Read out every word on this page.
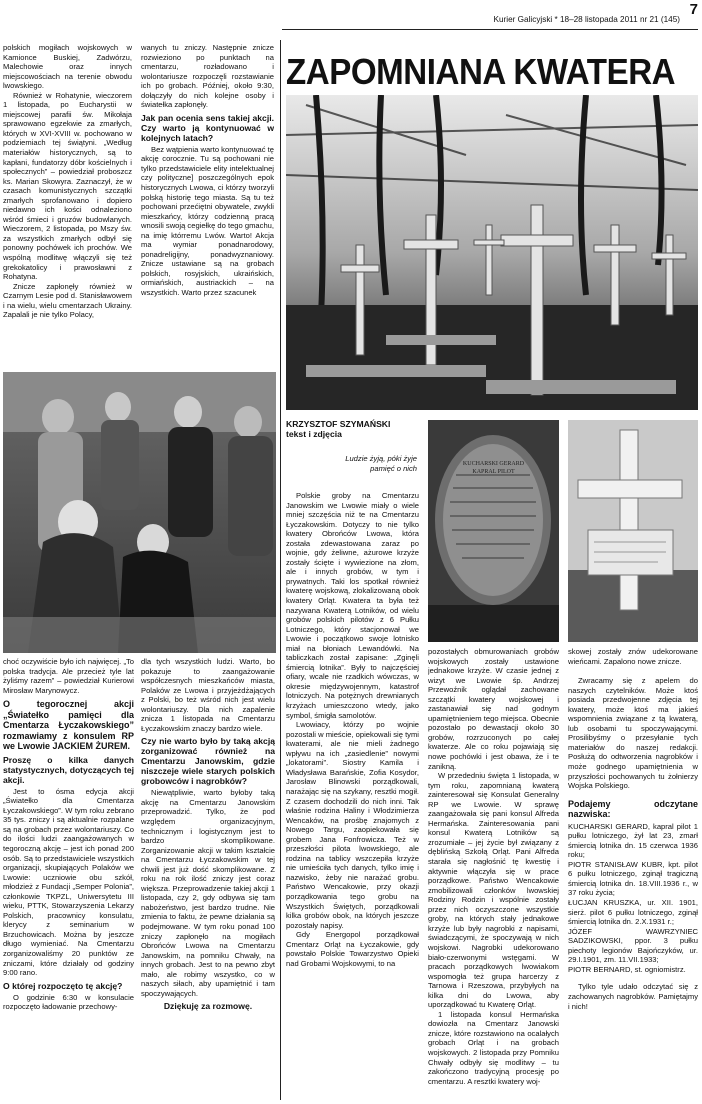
Kurier Galicyjski * 18–28 listopada 2011 nr 21 (145)
7

polskich mogiłach wojskowych w Kamionce Buskiej, Zadwórzu, Malechowie oraz innych miejscowościach na terenie obwodu lwowskiego.

Również w Rohatynie, wieczorem 1 listopada, po Eucharystii w miejscowej parafii św. Mikołaja sprawowano egzekwie za zmarłych, których w XVI-XVIII w. pochowano w podziemiach tej świątyni. „Według materiałów historycznych, są to kapłani, fundatorzy dóbr kościelnych i społecznych” – powiedział proboszcz ks. Marian Skowyra. Zaznaczył, że w czasach komunistycznych szczątki zmarłych sprofanowano i dopiero niedawno ich kości odnaleziono wśród śmieci i gruzów budowlanych. Wieczorem, 2 listopada, po Mszy św. za wszystkich zmarłych odbył się ponowny pochówek ich prochów. We wspólną modlitwę włączyli się też grekokatolicy i prawosławni z Rohatyna.

Znicze zapłonęły również w Czarnym Lesie pod d. Stanisławowem i na wielu, wielu cmentarzach Ukrainy. Zapalali je nie tylko Polacy,

wanych tu zniczy. Następnie znicze rozwieziono po punktach na cmentarzu, rozładowano i wolontariusze rozpoczęli rozstawianie ich po grobach. Później, około 9:30, dołączyły do nich kolejne osoby i światełka zapłonęły.

Jak pan ocenia sens takiej akcji. Czy warto ją kontynuować w kolejnych latach?

Bez wątpienia warto kontynuować tę akcję corocznie. Tu są pochowani nie tylko przedstawiciele elity intelektualnej czy polityczne] poszczególnych epok historycznych Lwowa, ci którzy tworzyli polską historię tego miasta. Są tu też pochowani przećiętni obywatele, zwykli mieszkańcy, którzy codzienną pracą wnosili swoją cegiełkę do tego gmachu, na imię którremu Lwów. Warto! Akcja ma wymiar ponadnarodowy, ponadreligijny, ponadwyznaniowy. Znicze ustawiane są na grobach polskich, rosyjskich, ukraińskich, ormiańskich, austriackich – na wszystkich. Warto przez szacunek

choć oczywiście było ich najwięcej. „To polska tradycja. Ale przecież tyle lat żyliśmy razem” – powiedział Kurierowi Mirosław Marynowycz.

O tegorocznej akcji „Światełko pamięci dla Cmentarza Łyczakowskiego” rozmawiamy z konsulem RP we Lwowie JACKIEM ŻUREM.

Proszę o kilka danych statystycznych, dotyczących tej akcji.

Jest to ósma edycja akcji „Światełko dla Cmentarza Łyczakowskiego”. W tym roku zebrano 35 tys. zniczy i są aktualnie rozpalane są na grobach przez wolontariuszy. Co do ilości ludzi zaangażowanych w tegoroczną akcję – jest ich ponad 200 osób. Są to przedstawiciele wszystkich organizacji, skupiających Polaków we Lwowie: uczniowie obu szkół, młodzież z Fundacji „Semper Polonia”, członkowie TKPZL, Uniwersytetu III wieku, PTTK, Stowarzyszenia Lekarzy Polskich, pracownicy konsulatu, klerycy z seminarium w Brzuchowicach. Można by jeszcze długo wymieniać. Na Cmentarzu zorganizowaliśmy 20 punktów ze zniczami, które działały od godziny 9:00 rano.

O której rozpoczęto tę akcję?

O godzinie 6:30 w konsulacie rozpoczęto ładowanie przechowy-

dla tych wszystkich ludzi. Warto, bo pokazuje to zaangażowanie współczesnych mieszkańców miasta, Polaków ze Lwowa i przyjeżdżających z Polski, bo też wśród nich jest wielu wolontariuszy. Dla nich zapalenie zniczа 1 listopada na Cmentarzu Łyczakowskim znaczy bardzo wiele.

Czy nie warto było by taką akcją zorganizować również na Cmentarzu Janowskim, gdzie niszczeje wiele starych polskich grobowców i nagrobków?

Niewątpliwie, warto byłoby taką akcję na Cmentarzu Janowskim przeprowadzić. Tylko, że pod względem organizacyjnym, technicznym i logistycznym jest to bardzo skomplikowane. Zorganizowanie akcji w takim kształcie na Cmentarzu Łyczakowskim w tej chwili jest już dość skomplikowane. Z roku na rok ilość zniczy jest coraz większa. Przeprowadzenie takiej akcji 1 listopada, czy 2, gdy odbywa się tam nabożeństwo, jest bardzo trudne. Nie zmienia to faktu, że pewne działania są podejmowane. W tym roku ponad 100 zniczy zapłonęło na mogiłach Obrońców Lwowa na Cmentarzu Janowskim, na pomniku Chwały, na innych grobach. Jest to na pewno zbyt mało, ale robimy wszystko, co w naszych siłach, aby upamiętnić i tam spoczywających.

Dziękuję za rozmowę.

ZAPOMNIANA KWATERA
KRZYSZTOF SZYMAŃSKI
tekst i zdjęcia
Ludzie żyją, póki żyje
pamięć o nich

Polskie groby na Cmentarzu Janowskim we Lwowie miały o wiele mniej szczęścia niż te na Cmentarzu Łyczakowskim. Dotyczy to nie tylko kwatery Obrońców Lwowa, która została zdewastowana zaraz po wojnie, gdy żeliwne, ażurowe krzyże zostały ścięte i wywiezione na złom, ale i innych grobów, w tym i prywatnych. Taki los spotkał również kwaterę wojskową, zlokalizowaną obok kwatery Orląt. Kwatera ta była też nazywana Kwaterą Lotników, od wielu grobów polskich pilotów z 6 Pułku Lotniczego, który stacjonował we Lwowie i początkowo swoje lotnisko miał na błoniach Lewandówki. Na tabliczkach został zapisane: „Zginęli śmiercią lotnika”. Były to najczęściej ofiary, wcale nie rzadkich wówczas, w okresie międzywojennym, katastrof lotniczych. Na potężnych drewnianych krzyżach umieszczono wtedy, jako symbol, śmigła samolotów.

Lwowiacy, którzy po wojnie pozostali w mieście, opiekowali się tymi kwaterami, ale nie mieli żadnego wpływu na ich „zasiedlenie” nowymi „lokatorami”. Siostry Kamila i Władysława Barańskie, Zofia Kosydor, Jarosław Blinowski porządkowali, narażając się na szykany, resztki mogił. Z czasem dochodzili do nich inni. Tak właśnie rodzina Haliny i Włodzimierza Wencaków, na prośbę znajomych z Nowego Targu, zaopiekowała się grobem Jana Fonfrowicza. Też w przeszłości pilota lwowskiego, ale rodzina na tablicy wszczepiła krzyże nie umieściła tych danych, tylko imię i nazwisko, żeby nie narażać grobu. Państwo Wencakowie, przy okazji porządkowania tego grobu na Wszystkich Świętych, porządkowali kilka grobów obok, na których jeszcze pozostały napisy.

Gdy Energopol porządkował Cmentarz Orląt na Łyczakowie, gdy powstało Polskie Towarzystwo Opieki nad Grobami Wojskowymi, to na

KUCHARSKI GERARD
KAPRAL PILOT

pozostałych obmurowaniach grobów wojskowych zostały ustawione jednakowe krzyże. W czasie jednej z wizyt we Lwowie śp. Andrzej Przewoźnik oglądał zachowane szczątki kwatery wojskowej i zastanawiał się nad godnym upamiętnieniem tego miejsca. Obecnie pozostało po dewastacji około 30 grobów, rozrzuconych po całej kwaterze. Ale co roku pojawiają się nowe pochówki i jest obawa, że i te zanikną.

W przededniu święta 1 listopada, w tym roku, zapomnianą kwaterą zainteresował się Konsulat Generalny RP we Lwowie. W sprawę zaangażowała się pani konsul Alfreda Hermańska. Zainteresowania pani konsul Kwaterą Lotników są zrozumiałe – jej życie był związany z dęblińską Szkołą Orląt. Pani Alfreda starała się nagłośnić tę kwestię i aktywnie włączyła się w prace porządkowe. Państwo Wencakowie zmobilizowali członków lwowskiej Rodziny Rodzin i wspólnie zostały przez nich oczyszczone wszystkie groby, na których stały jednakowe krzyże lub były nagrobki z napisami, świadczącymi, że spoczywają w nich wojskowi. Nagrobki udekorowano biało-czerwonymi wstęgami. W pracach porządkowych lwowiakom wspomogła też grupa harcerzy z Tarnowa i Rzeszowa, przybyłych na kilka dni do Lwowa, aby uporządkować tu Kwaterę Orląt.

1 listopada konsul Hermańska dowiozła na Cmentarz Janowski znicze, które rozstawiono na ocalałych grobach Orląt i na grobach wojskowych. 2 listopada przy Pomniku Chwały odbyły się modlitwy – tu zakończono tradycyjną procesję po cmentarzu. A resztki kwatery woj-

skowej zostały znów udekorowane wieńcami. Zapalono nowe znicze.

Zwracamy się z apelem do naszych czytelników. Może ktoś posiada przedwojenne zdjęcia tej kwatery, może ktoś ma jakieś wspomnienia związane z tą kwaterą, lub osobami tu spoczywającymi. Prosilibyśmy o przesyłanie tych materiałów do naszej redakcji. Posłużą do odtworzenia nagrobków i może godnego upamiętnienia w przyszłości pochowanych tu żołnierzy Wojska Polskiego.

Podajemy odczytane nazwiska:

KUCHARSKI GERARD, kapral pilot 1 pułku lotniczego, żył lat 23, zmarł śmiercią lotnika dn. 15 czerwca 1936 roku;

PIOTR STANISŁAW KUBR, kpt. pilot 6 pułku lotniczego, zginął tragiczną śmiercią lotnika dn. 18.VIII.1936 r., w 37 roku życia;

ŁUCJAN KRUSZKA, ur. XII. 1901, sierż. pilot 6 pułku lotniczego, zginął śmiercią lotnika dn. 2.X.1931 r.;

JÓZEF WAWRZYNIEC SADZIKOWSKI, ppor. 3 pułku piechoty legionów Bajończyków, ur. 29.I.1901, zm. 11.VII.1933;

PIOTR BERNARD, st. ogniomistrz.

Tylko tyle udało odczytać się z zachowanych nagrobków. Pamiętajmy i nich!
